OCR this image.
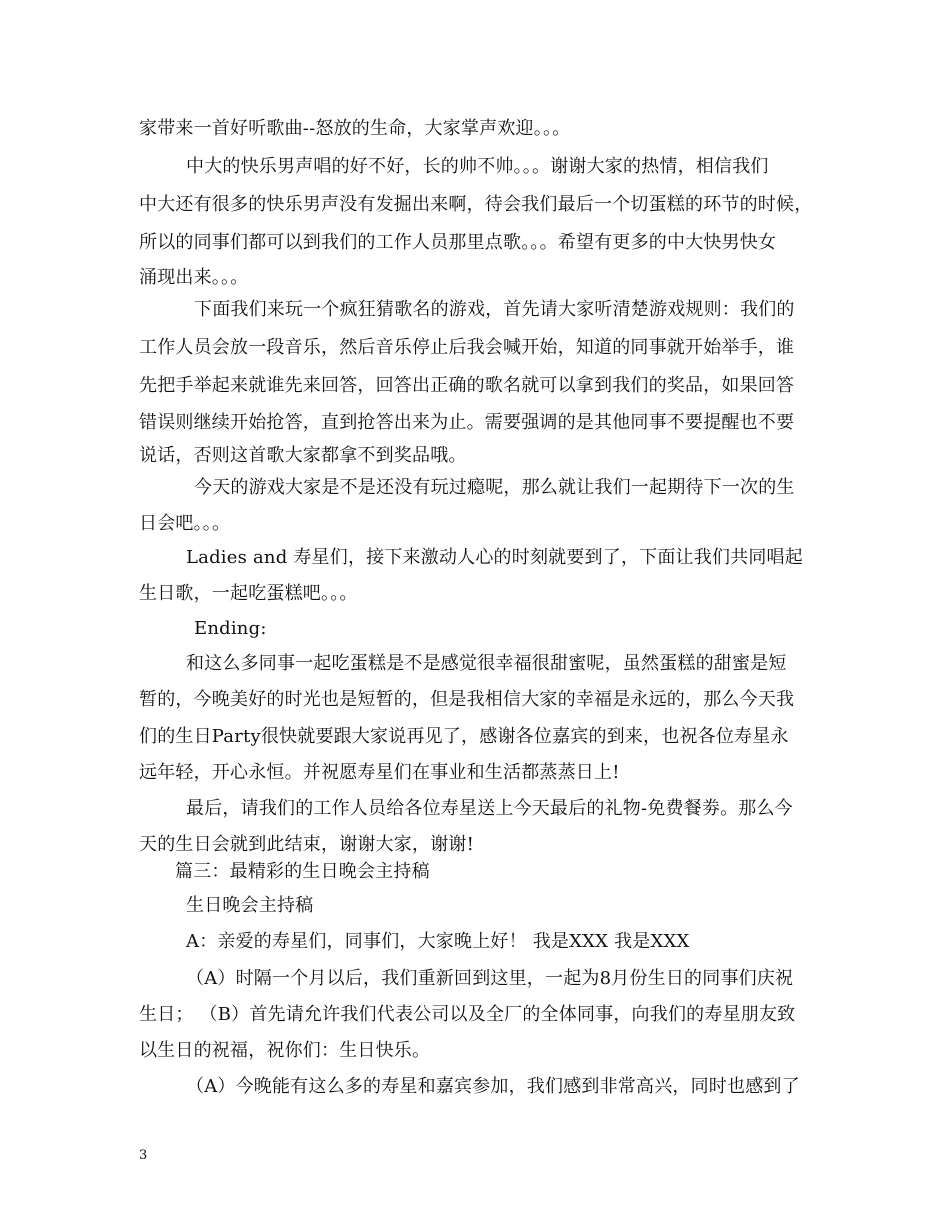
家带来一首好听歌曲--怒放的生命，大家掌声欢迎。。。
中大的快乐男声唱的好不好，长的帅不帅。。。谢谢大家的热情，相信我们
中大还有很多的快乐男声没有发掘出来啊，待会我们最后一个切蛋糕的环节的时候，
所以的同事们都可以到我们的工作人员那里点歌。。。希望有更多的中大快男快女
涌现出来。。。
下面我们来玩一个疯狂猜歌名的游戏，首先请大家听清楚游戏规则：我们的
工作人员会放一段音乐，然后音乐停止后我会喊开始，知道的同事就开始举手，谁
先把手举起来就谁先来回答，回答出正确的歌名就可以拿到我们的奖品，如果回答
错误则继续开始抢答，直到抢答出来为止。需要强调的是其他同事不要提醒也不要
说话，否则这首歌大家都拿不到奖品哦。
今天的游戏大家是不是还没有玩过瘾呢，那么就让我们一起期待下一次的生
日会吧。。。
Ladies and 寿星们，接下来激动人心的时刻就要到了，下面让我们共同唱起
生日歌，一起吃蛋糕吧。。。
Ending:
和这么多同事一起吃蛋糕是不是感觉很幸福很甜蜜呢，虽然蛋糕的甜蜜是短
暂的，今晚美好的时光也是短暂的，但是我相信大家的幸福是永远的，那么今天我
们的生日Party很快就要跟大家说再见了，感谢各位嘉宾的到来，也祝各位寿星永
远年轻，开心永恒。并祝愿寿星们在事业和生活都蒸蒸日上!
最后，请我们的工作人员给各位寿星送上今天最后的礼物-免费餐劵。那么今
天的生日会就到此结束，谢谢大家，谢谢!
篇三：最精彩的生日晚会主持稿
生日晚会主持稿
A：亲爱的寿星们，同事们，大家晚上好！ 我是XXX 我是XXX
（A）时隔一个月以后，我们重新回到这里，一起为8月份生日的同事们庆祝
生日； （B）首先请允许我们代表公司以及全厂的全体同事，向我们的寿星朋友致
以生日的祝福，祝你们：生日快乐。
（A）今晚能有这么多的寿星和嘉宾参加，我们感到非常高兴，同时也感到了
3
